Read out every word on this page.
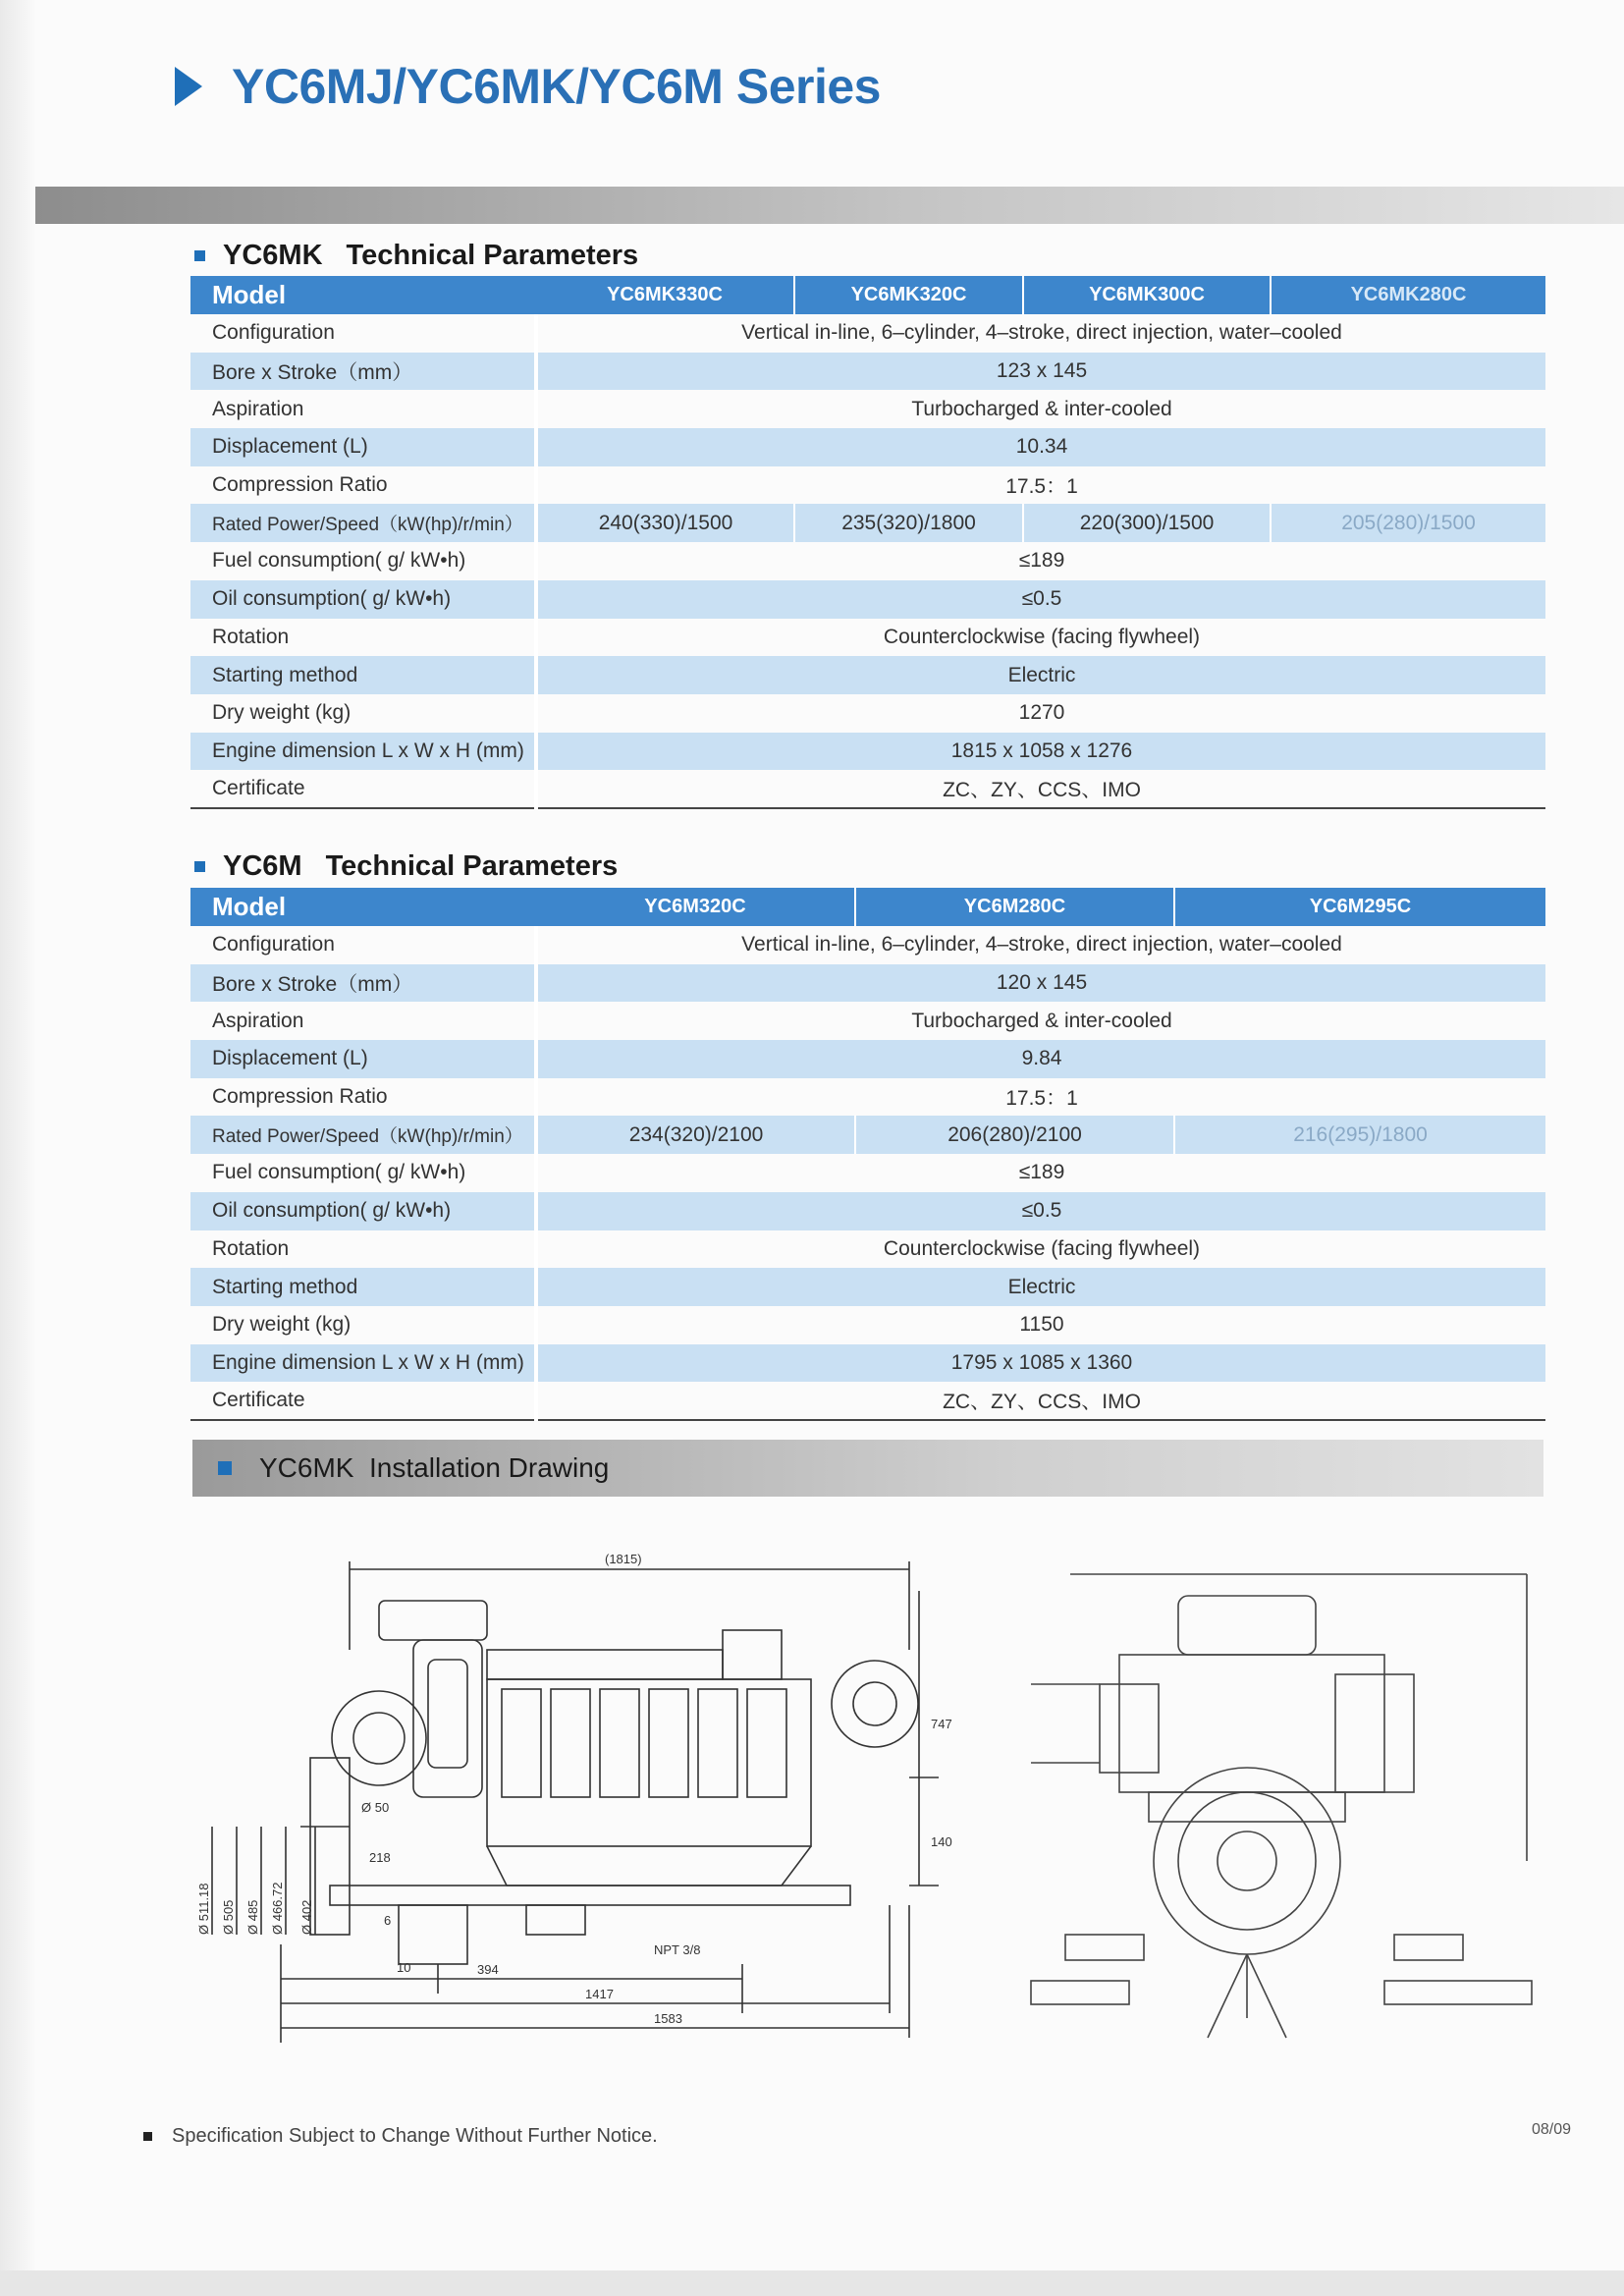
YC6MJ/YC6MK/YC6M Series
YC6MK Technical Parameters
Model	YC6MK330C	YC6MK320C	YC6MK300C	YC6MK280C
Configuration	Vertical in-line, 6–cylinder, 4–stroke, direct injection, water–cooled			
Bore x Stroke（mm）	123 x 145			
Aspiration	Turbocharged & inter-cooled			
Displacement (L)	10.34			
Compression Ratio	17.5：1			
Rated Power/Speed（kW(hp)/r/min）	240(330)/1500	235(320)/1800	220(300)/1500	205(280)/1500
Fuel consumption( g/ kW•h)	≤189			
Oil consumption( g/ kW•h)	≤0.5			
Rotation	Counterclockwise (facing flywheel)			
Starting method	Electric			
Dry weight (kg)	1270			
Engine dimension L x W x H (mm)	1815 x 1058 x 1276			
Certificate	ZC、ZY、CCS、IMO			
YC6M Technical Parameters
Model	YC6M320C	YC6M280C	YC6M295C
Configuration	Vertical in-line, 6–cylinder, 4–stroke, direct injection, water–cooled		
Bore x Stroke（mm）	120 x 145		
Aspiration	Turbocharged & inter-cooled		
Displacement (L)	9.84		
Compression Ratio	17.5：1		
Rated Power/Speed（kW(hp)/r/min）	234(320)/2100	206(280)/2100	216(295)/1800
Fuel consumption( g/ kW•h)	≤189		
Oil consumption( g/ kW•h)	≤0.5		
Rotation	Counterclockwise (facing flywheel)		
Starting method	Electric		
Dry weight (kg)	1150		
Engine dimension L x W x H (mm)	1795 x 1085 x 1360		
Certificate	ZC、ZY、CCS、IMO		
YC6MK Installation Drawing
(1815)
Ø 50
218
6
10	394
1417
1583
NPT 3/8
747
140
Ø 511.18 Ø 505 Ø 485 Ø 466.72 Ø 402
Specification Subject to Change Without Further Notice.	08/09
